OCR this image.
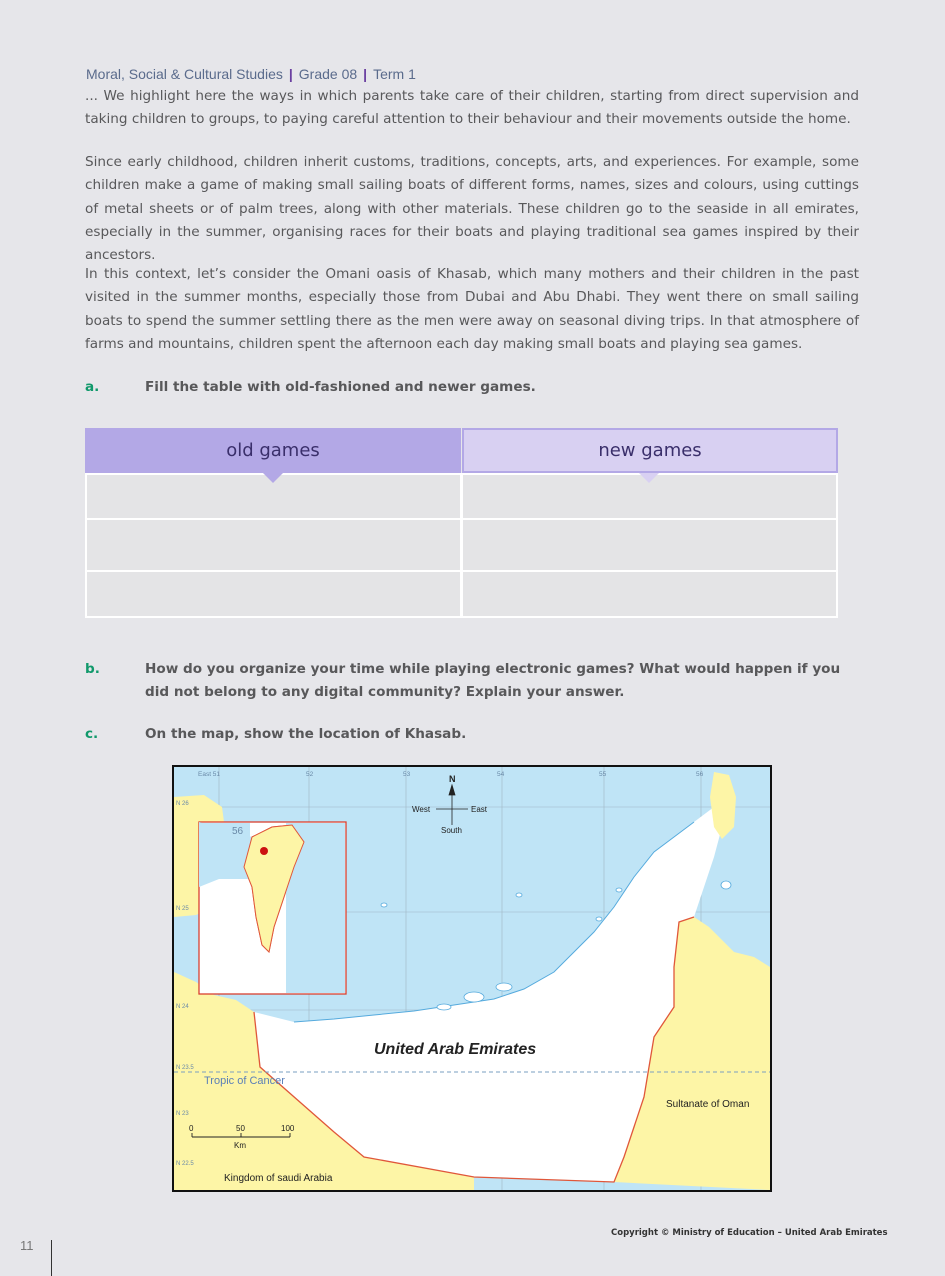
Moral, Social & Cultural Studies | Grade 08 | Term 1

... We highlight here the ways in which parents take care of their children, starting from direct supervision and taking children to groups, to paying careful attention to their behaviour and their movements outside the home.

Since early childhood, children inherit customs, traditions, concepts, arts, and experiences. For example, some children make a game of making small sailing boats of different forms, names, sizes and colours, using cuttings of metal sheets or of palm trees, along with other materials. These children go to the seaside in all emirates, especially in the summer, organising races for their boats and playing traditional sea games inspired by their ancestors.

In this context, let’s consider the Omani oasis of Khasab, which many mothers and their children in the past visited in the summer months, especially those from Dubai and Abu Dhabi. They went there on small sailing boats to spend the summer settling there as the men were away on seasonal diving trips. In that atmosphere of farms and mountains, children spent the afternoon each day making small boats and playing sea games.

a.	Fill the table with old-fashioned and newer games.
old games	new games
b.	How do you organize your time while playing electronic games? What would happen if you did not belong to any digital community? Explain your answer.
c.	On the map, show the location of Khasab.
Tropic of Cancer
56
N
West	East
South
East 51	52	53	54	55	56
N 26
N 25
N 24
N 23.5
N 23
N 22.5
United Arab Emirates
Sultanate of Oman
Kingdom of saudi Arabia
0	50	100
Km
Copyright © Ministry of Education – United Arab Emirates
11
